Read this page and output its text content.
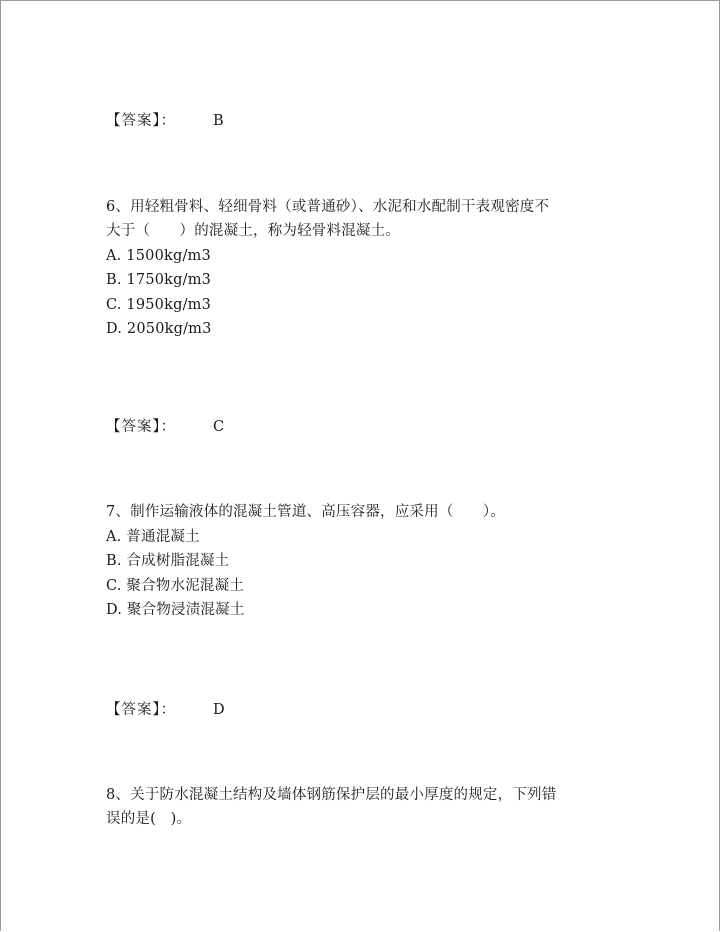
【答案】：	B
6、用轻粗骨料、轻细骨料（或普通砂）、水泥和水配制干表观密度不
大于（　　）的混凝土，称为轻骨料混凝土。
A. 1500kg/m3
B. 1750kg/m3
C. 1950kg/m3
D. 2050kg/m3
【答案】：	C
7、制作运输液体的混凝土管道、高压容器，应采用（　　）。
A. 普通混凝土
B. 合成树脂混凝土
C. 聚合物水泥混凝土
D. 聚合物浸渍混凝土
【答案】：	D
8、关于防水混凝土结构及墙体钢筋保护层的最小厚度的规定，下列错
误的是(　)。
